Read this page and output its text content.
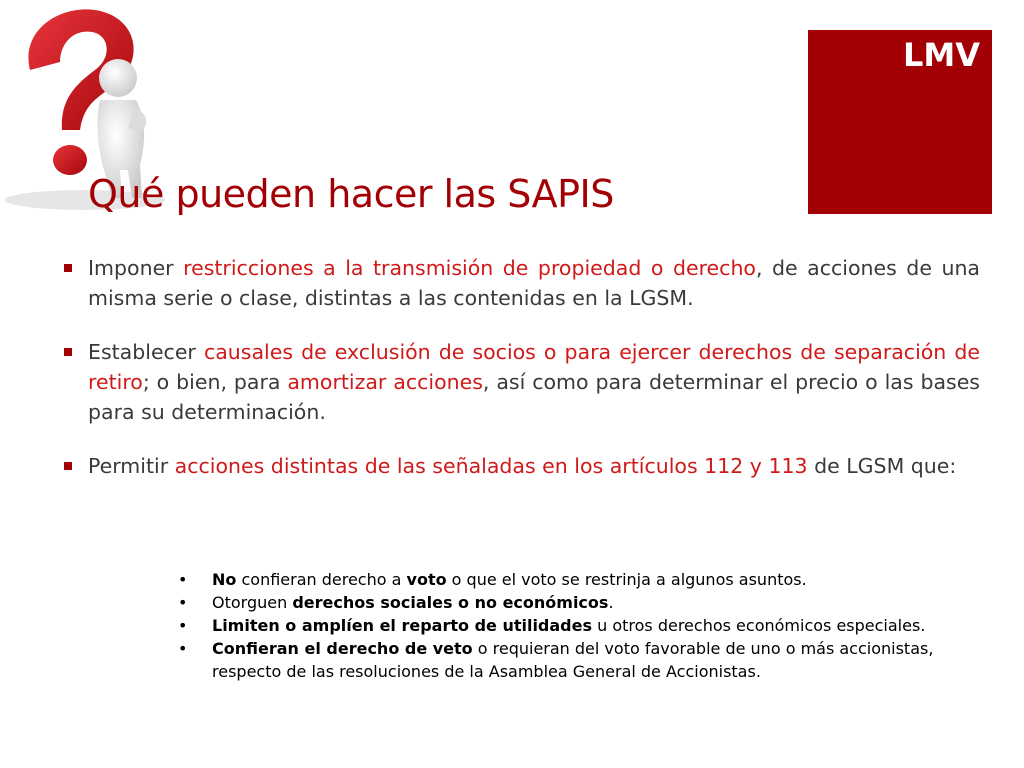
LMV
Qué pueden hacer las SAPIS
Imponer restricciones a la transmisión de propiedad o derecho, de acciones de una misma serie o clase, distintas a las contenidas en la LGSM.
Establecer causales de exclusión de socios o para ejercer derechos de separación de retiro; o bien, para amortizar acciones, así como para determinar el precio o las bases para su determinación.
Permitir acciones distintas de las señaladas en los artículos 112 y 113 de LGSM que:
• No confieran derecho a voto o que el voto se restrinja a algunos asuntos.
• Otorguen derechos sociales o no económicos.
• Limiten o amplíen el reparto de utilidades u otros derechos económicos especiales.
• Confieran el derecho de veto o requieran del voto favorable de uno o más accionistas, respecto de las resoluciones de la Asamblea General de Accionistas.
